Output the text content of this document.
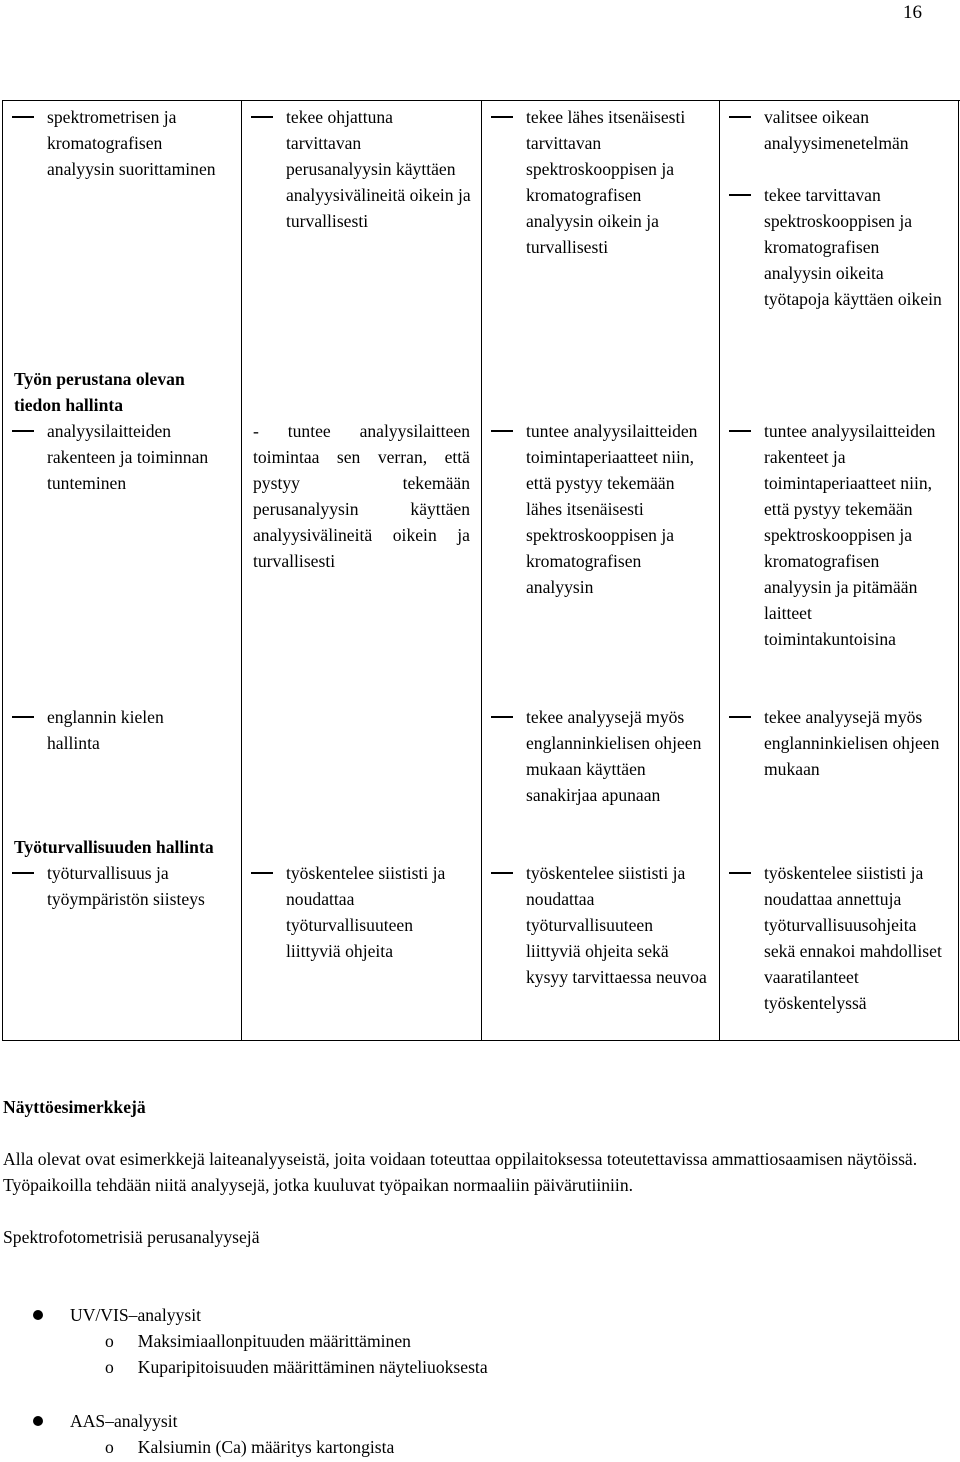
16

spektrometrisen ja kromatografisen analyysin suorittaminen

tekee ohjattuna tarvittavan perusanalyysin käyttäen analyysivälineitä oikein ja turvallisesti

tekee lähes itsenäisesti tarvittavan spektroskooppisen ja kromatografisen analyysin oikein ja turvallisesti

valitsee oikean analyysimenetelmän

tekee tarvittavan spektroskooppisen ja kromatografisen analyysin oikeita työtapoja käyttäen oikein

Työn perustana olevan tiedon hallinta

analyysilaitteiden rakenteen ja toiminnan tunteminen

- tuntee analyysilaitteen toimintaa sen verran, että pystyy tekemään perusanalyysin käyttäen analyysivälineitä oikein ja turvallisesti

tuntee analyysilaitteiden toimintaperiaatteet niin, että pystyy tekemään lähes itsenäisesti spektroskooppisen ja kromatografisen analyysin

tuntee analyysilaitteiden rakenteet ja toimintaperiaatteet niin, että pystyy tekemään spektroskooppisen ja kromatografisen analyysin ja pitämään laitteet toimintakuntoisina

englannin kielen hallinta

tekee analyysejä myös englanninkielisen ohjeen mukaan käyttäen sanakirjaa apunaan

tekee analyysejä myös englanninkielisen ohjeen mukaan

Työturvallisuuden hallinta

työturvallisuus ja työympäristön siisteys

työskentelee siististi ja noudattaa työturvallisuuteen liittyviä ohjeita

työskentelee siististi ja noudattaa työturvallisuuteen liittyviä ohjeita sekä kysyy tarvittaessa neuvoa

työskentelee siististi ja noudattaa annettuja työturvallisuusohjeita sekä ennakoi mahdolliset vaaratilanteet työskentelyssä

Näyttöesimerkkejä

Alla olevat ovat esimerkkejä laiteanalyyseistä, joita voidaan toteuttaa oppilaitoksessa toteutettavissa ammattiosaamisen näytöissä. Työpaikoilla tehdään niitä analyysejä, jotka kuuluvat työpaikan normaaliin päivärutiiniin.

Spektrofotometrisiä perusanalyysejä

UV/VIS–analyysit

o Maksimiaallonpituuden määrittäminen

o Kuparipitoisuuden määrittäminen näyteliuoksesta

AAS–analyysit

o Kalsiumin (Ca) määritys kartongista
